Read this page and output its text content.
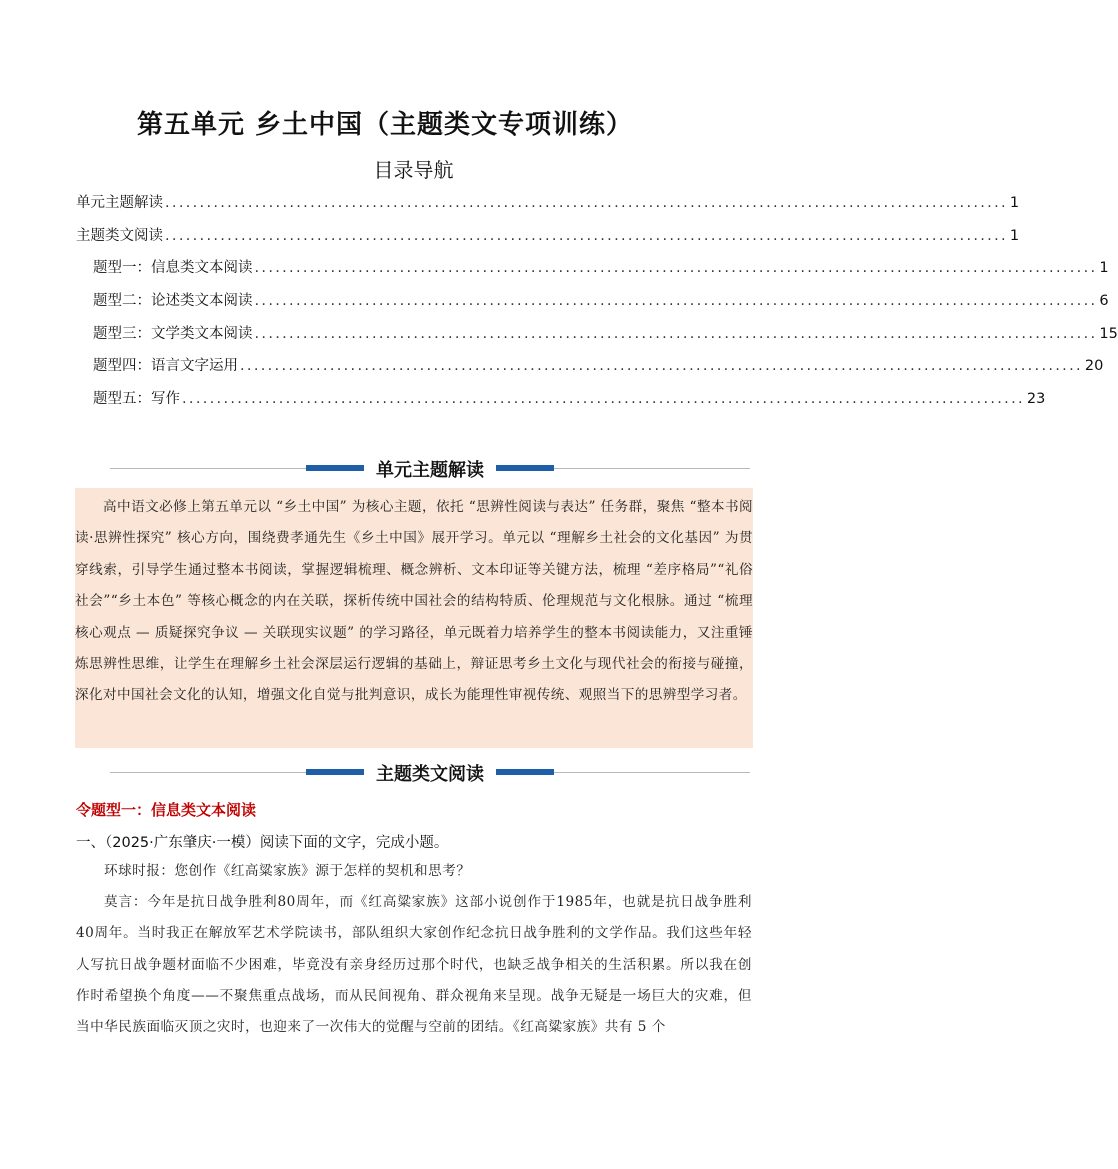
第五单元 乡土中国（主题类文专项训练）
目录导航
单元主题解读 .......................................................................................................................... 1
主题类文阅读 .......................................................................................................................... 1
题型一：信息类文本阅读 .......................................................................................................................... 1
题型二：论述类文本阅读 .......................................................................................................................... 6
题型三：文学类文本阅读 .......................................................................................................................... 15
题型四：语言文字运用 .......................................................................................................................... 20
题型五：写作 .......................................................................................................................... 23
单元主题解读

高中语文必修上第五单元以 “乡土中国” 为核心主题，依托 “思辨性阅读与表达” 任务群，聚焦 “整本书阅读·思辨性探究” 核心方向，围绕费孝通先生《乡土中国》展开学习。单元以 “理解乡土社会的文化基因” 为贯穿线索，引导学生通过整本书阅读，掌握逻辑梳理、概念辨析、文本印证等关键方法，梳理 “差序格局”“礼俗社会”“乡土本色” 等核心概念的内在关联，探析传统中国社会的结构特质、伦理规范与文化根脉。通过 “梳理核心观点 — 质疑探究争议 — 关联现实议题” 的学习路径，单元既着力培养学生的整本书阅读能力，又注重锤炼思辨性思维，让学生在理解乡土社会深层运行逻辑的基础上，辩证思考乡土文化与现代社会的衔接与碰撞，深化对中国社会文化的认知，增强文化自觉与批判意识，成长为能理性审视传统、观照当下的思辨型学习者。

主题类文阅读
令题型一：信息类文本阅读
一、（2025·广东肇庆·一模）阅读下面的文字，完成小题。

环球时报：您创作《红高粱家族》源于怎样的契机和思考？

莫言：今年是抗日战争胜利80周年，而《红高粱家族》这部小说创作于1985年，也就是抗日战争胜利40周年。当时我正在解放军艺术学院读书，部队组织大家创作纪念抗日战争胜利的文学作品。我们这些年轻人写抗日战争题材面临不少困难，毕竟没有亲身经历过那个时代，也缺乏战争相关的生活积累。所以我在创作时希望换个角度——不聚焦重点战场，而从民间视角、群众视角来呈现。战争无疑是一场巨大的灾难，但当中华民族面临灭顶之灾时，也迎来了一次伟大的觉醒与空前的团结。《红高粱家族》共有 5 个
